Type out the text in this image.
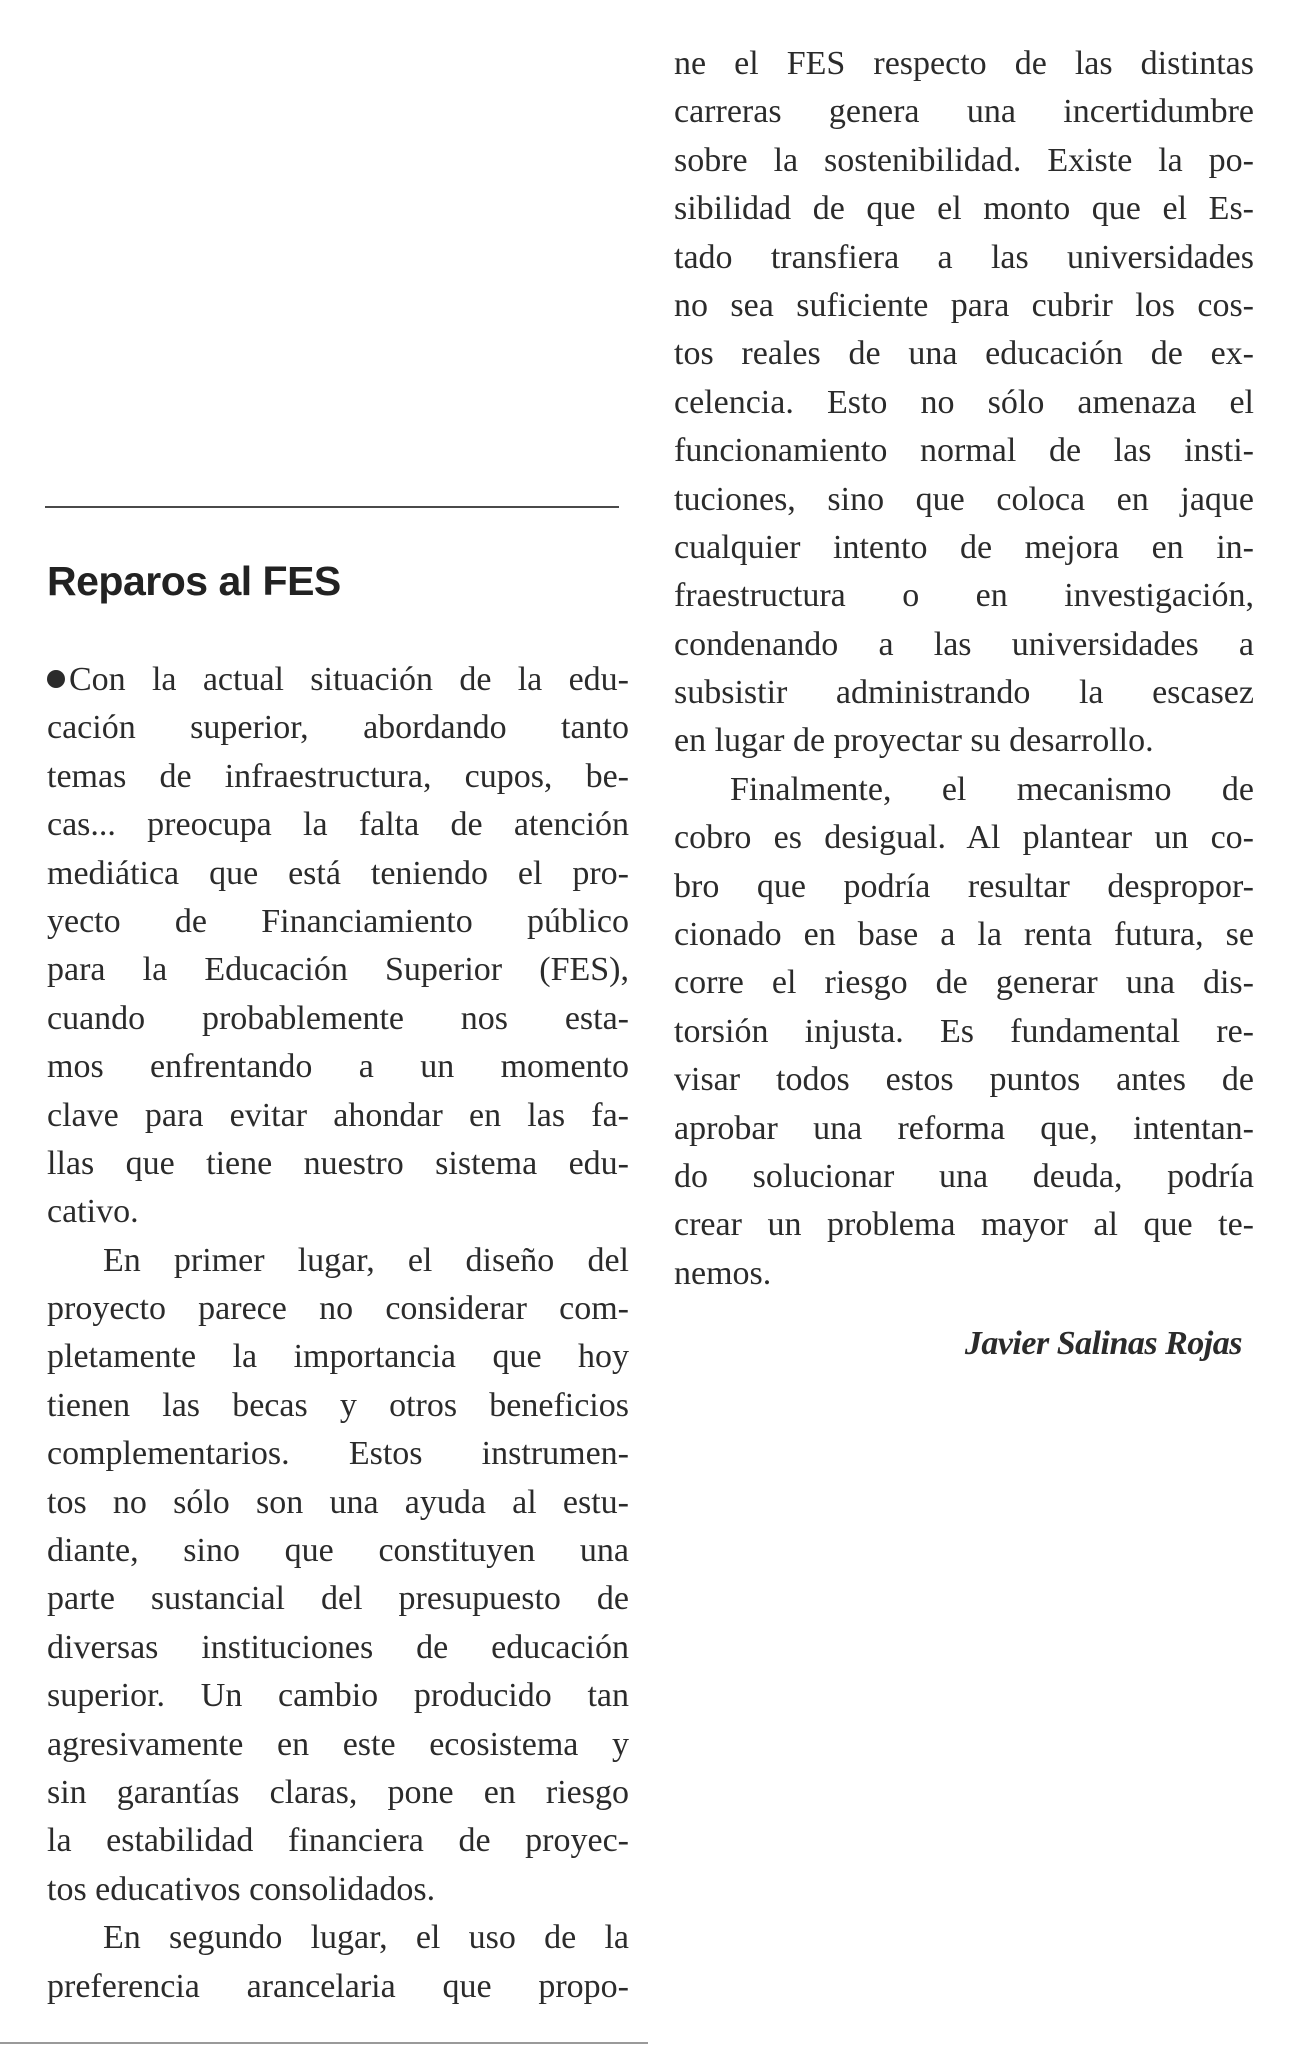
Reparos al FES
Con la actual situación de la edu-
cación superior, abordando tanto
temas de infraestructura, cupos, be-
cas... preocupa la falta de atención
mediática que está teniendo el pro-
yecto de Financiamiento público
para la Educación Superior (FES),
cuando probablemente nos esta-
mos enfrentando a un momento
clave para evitar ahondar en las fa-
llas que tiene nuestro sistema edu-
cativo.
En primer lugar, el diseño del
proyecto parece no considerar com-
pletamente la importancia que hoy
tienen las becas y otros beneficios
complementarios. Estos instrumen-
tos no sólo son una ayuda al estu-
diante, sino que constituyen una
parte sustancial del presupuesto de
diversas instituciones de educación
superior. Un cambio producido tan
agresivamente en este ecosistema y
sin garantías claras, pone en riesgo
la estabilidad financiera de proyec-
tos educativos consolidados.
En segundo lugar, el uso de la
preferencia arancelaria que propo-
ne el FES respecto de las distintas
carreras genera una incertidumbre
sobre la sostenibilidad. Existe la po-
sibilidad de que el monto que el Es-
tado transfiera a las universidades
no sea suficiente para cubrir los cos-
tos reales de una educación de ex-
celencia. Esto no sólo amenaza el
funcionamiento normal de las insti-
tuciones, sino que coloca en jaque
cualquier intento de mejora en in-
fraestructura o en investigación,
condenando a las universidades a
subsistir administrando la escasez
en lugar de proyectar su desarrollo.
Finalmente, el mecanismo de
cobro es desigual. Al plantear un co-
bro que podría resultar despropor-
cionado en base a la renta futura, se
corre el riesgo de generar una dis-
torsión injusta. Es fundamental re-
visar todos estos puntos antes de
aprobar una reforma que, intentan-
do solucionar una deuda, podría
crear un problema mayor al que te-
nemos.
Javier Salinas Rojas
